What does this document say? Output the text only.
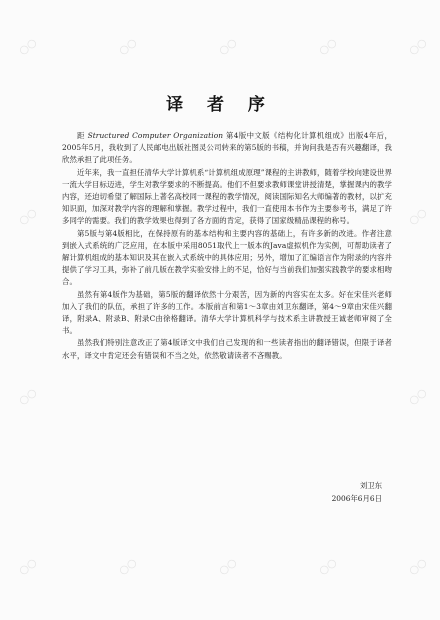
○○	○○	○○	○○	○○
○○
○○
○○
○○
○○
○○
○○	○○	○○
译 者 序

距 Structured Computer Organization 第4版中文版《结构化计算机组成》出版4年后，2005年5月，我收到了人民邮电出版社图灵公司转来的第5版的书稿，并询问我是否有兴趣翻译，我欣然承担了此项任务。

近年来，我一直担任清华大学计算机系“计算机组成原理”课程的主讲教师，随着学校向建设世界一流大学目标迈进，学生对教学要求的不断提高。他们不但要求教师课堂讲授清楚，掌握课内的教学内容，还迫切希望了解国际上著名高校同一课程的教学情况，阅读国际知名大师编著的教材，以扩充知识面，加深对教学内容的理解和掌握。教学过程中，我们一直使用本书作为主要参考书，满足了许多同学的需要。我们的教学效果也得到了各方面的肯定，获得了国家级精品课程的称号。

第5版与第4版相比，在保持原有的基本结构和主要内容的基础上，有许多新的改进。作者注意到嵌入式系统的广泛应用，在本版中采用8051取代上一版本的Java虚拟机作为实例，可帮助读者了解计算机组成的基本知识及其在嵌入式系统中的具体应用；另外，增加了汇编语言作为附录的内容并提供了学习工具，弥补了前几版在教学实验安排上的不足，恰好与当前我们加强实践教学的要求相吻合。

虽然有第4版作为基础，第5版的翻译依然十分艰苦，因为新的内容实在太多。好在宋佳兴老师加入了我们的队伍，承担了许多的工作。本版前言和第1～3章由刘卫东翻译，第4～9章由宋佳兴翻译，附录A、附录B、附录C由徐格翻译。清华大学计算机科学与技术系主讲教授王诚老师审阅了全书。

虽然我们特别注意改正了第4版译文中我们自己发现的和一些读者指出的翻译错误，但限于译者水平，译文中肯定还会有错误和不当之处，依然敬请读者不吝赐教。

刘卫东
2006年6月6日
